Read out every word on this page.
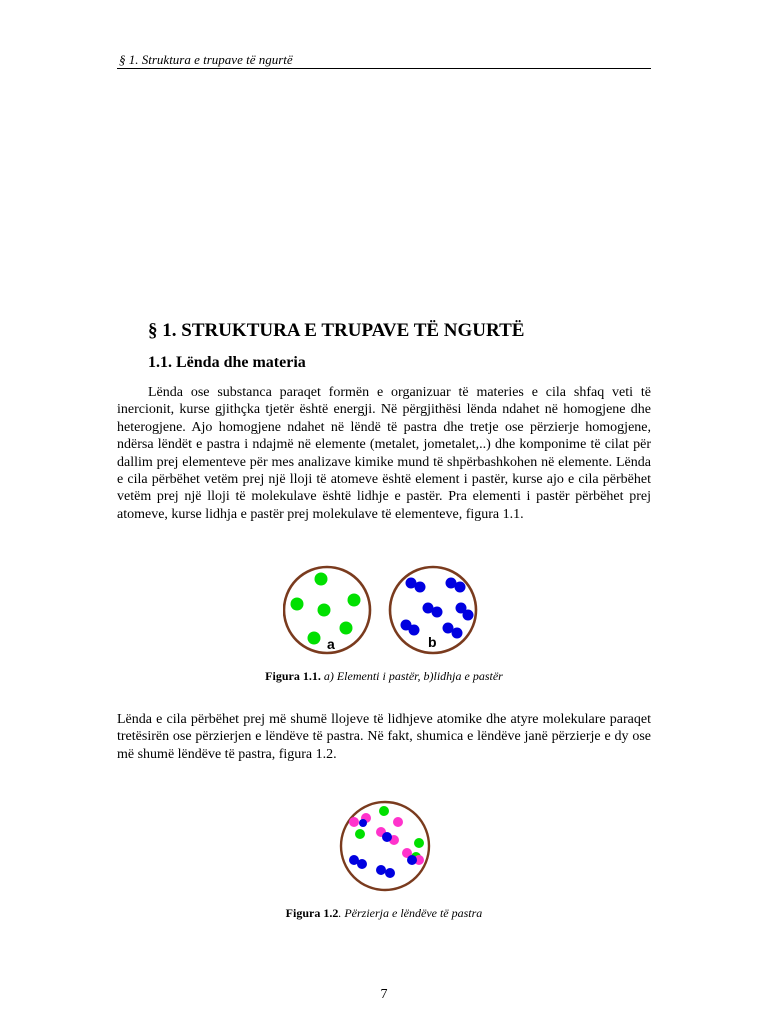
§ 1. Struktura e trupave të ngurtë
§ 1. STRUKTURA E TRUPAVE TË NGURTË
1.1. Lënda dhe materia

Lënda ose substanca paraqet formën e organizuar të materies e cila shfaq veti të inercionit, kurse gjithçka tjetër është energji. Në përgjithësi lënda ndahet në homogjene dhe heterogjene. Ajo homogjene ndahet në lëndë të pastra dhe tretje ose përzierje homogjene, ndërsa lëndët e pastra i ndajmë në elemente (metalet, jometalet,..) dhe komponime të cilat për dallim prej elementeve për mes analizave kimike mund të shpërbashkohen në elemente. Lënda e cila përbëhet vetëm prej një lloji të atomeve është element i pastër, kurse ajo e cila përbëhet vetëm prej një lloji të molekulave është lidhje e pastër. Pra elementi i pastër përbëhet prej atomeve, kurse lidhja e pastër prej molekulave të elementeve, figura 1.1.

a	b
Figura 1.1. a) Elementi i pastër, b)lidhja e pastër

Lënda e cila përbëhet prej më shumë llojeve të lidhjeve atomike dhe atyre molekulare paraqet tretësirën ose përzierjen e lëndëve të pastra. Në fakt, shumica e lëndëve janë përzierje e dy ose më shumë lëndëve të pastra, figura 1.2.

Figura 1.2. Përzierja e lëndëve të pastra
7
